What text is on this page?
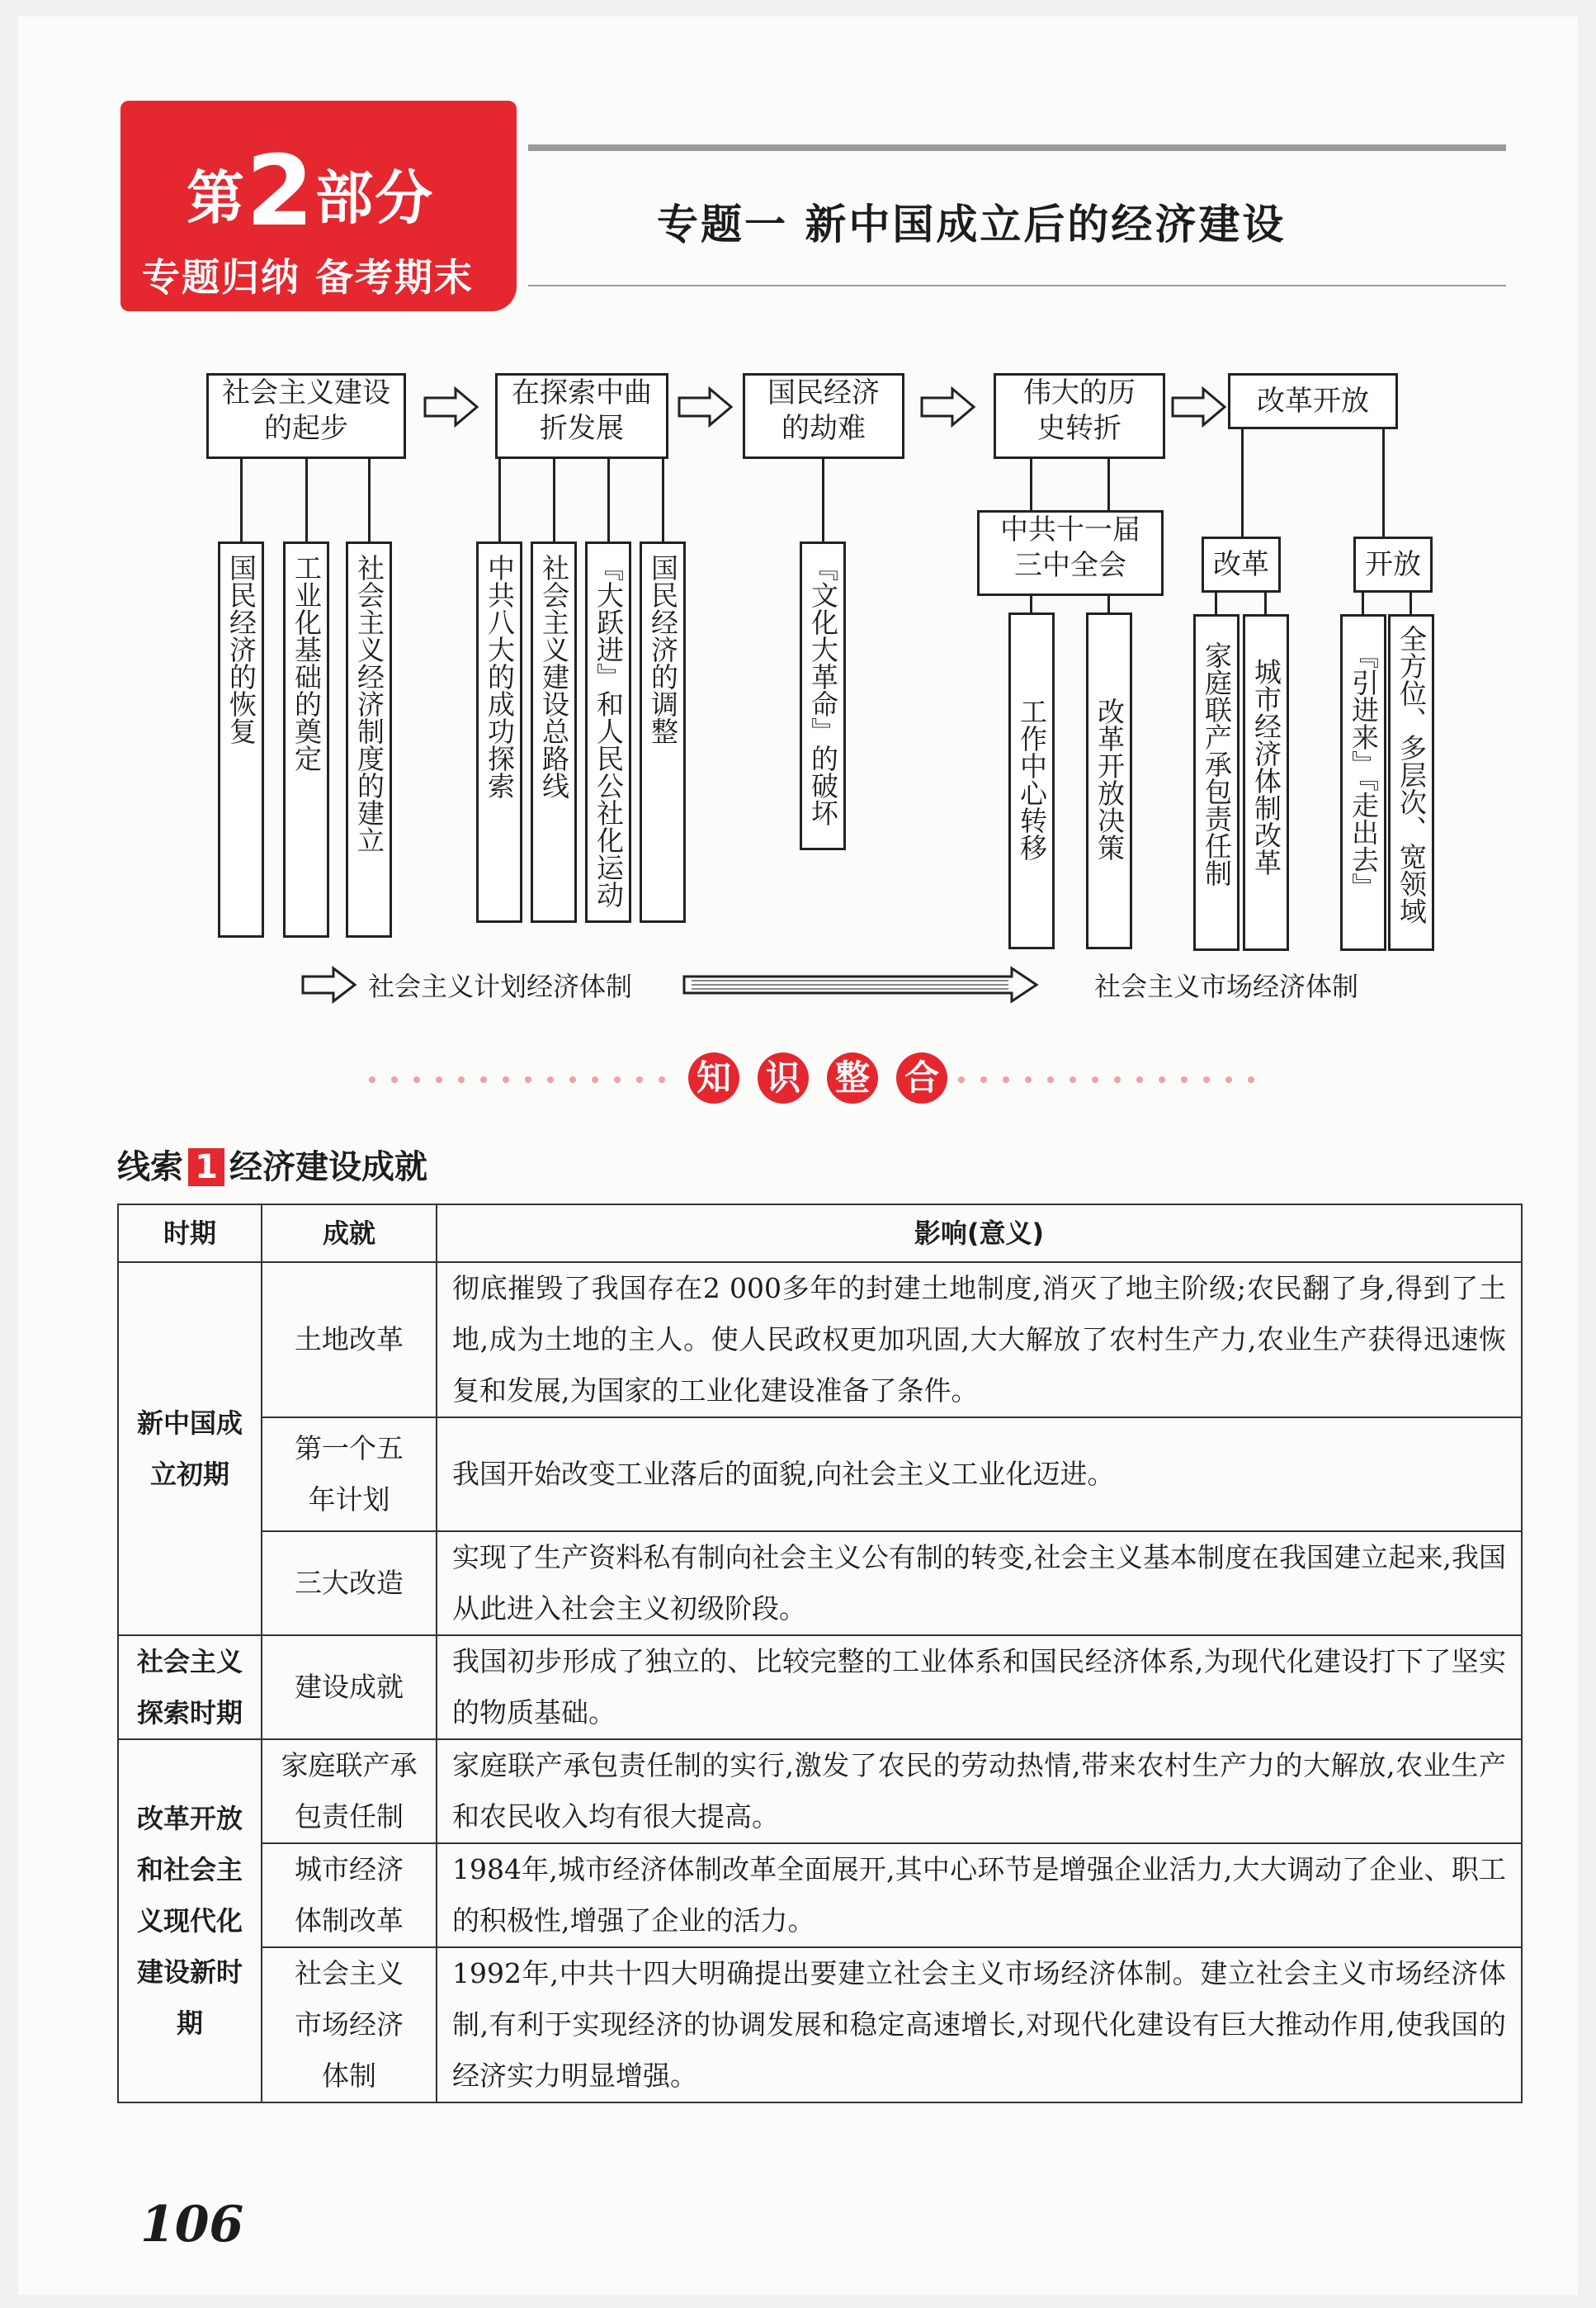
第2部分
专题归纳 备考期末
专题一 新中国成立后的经济建设
社会主义建设的起步
在探索中曲折发展
国民经济的劫难
伟大的历史转折
改革开放
国民经济的恢复 工业化基础的奠定 社会主义经济制度的建立	中共八大的成功探索 社会主义建设总路线 『大跃进』和人民公社化运动 国民经济的调整	『文化大革命』的破坏
中共十一届三中全会
工作中心转移 改革开放决策
改革	开放
家庭联产承包责任制 城市经济体制改革 『引进来』『走出去』 全方位、多层次、宽领域
社会主义计划经济体制	社会主义市场经济体制
知 识 整 合
线索 1 经济建设成就
时期	成就	影响(意义)
新中国成立初期	土地改革	彻底摧毁了我国存在2 000多年的封建土地制度,消灭了地主阶级;农民翻了身,得到了土地,成为土地的主人。使人民政权更加巩固,大大解放了农村生产力,农业生产获得迅速恢复和发展,为国家的工业化建设准备了条件。
	第一个五年计划	我国开始改变工业落后的面貌,向社会主义工业化迈进。
	三大改造	实现了生产资料私有制向社会主义公有制的转变,社会主义基本制度在我国建立起来,我国从此进入社会主义初级阶段。
社会主义探索时期	建设成就	我国初步形成了独立的、比较完整的工业体系和国民经济体系,为现代化建设打下了坚实的物质基础。
改革开放和社会主义现代化建设新时期	家庭联产承包责任制	家庭联产承包责任制的实行,激发了农民的劳动热情,带来农村生产力的大解放,农业生产和农民收入均有很大提高。
	城市经济体制改革	1984年,城市经济体制改革全面展开,其中心环节是增强企业活力,大大调动了企业、职工的积极性,增强了企业的活力。
	社会主义市场经济体制	1992年,中共十四大明确提出要建立社会主义市场经济体制。建立社会主义市场经济体制,有利于实现经济的协调发展和稳定高速增长,对现代化建设有巨大推动作用,使我国的经济实力明显增强。
106
